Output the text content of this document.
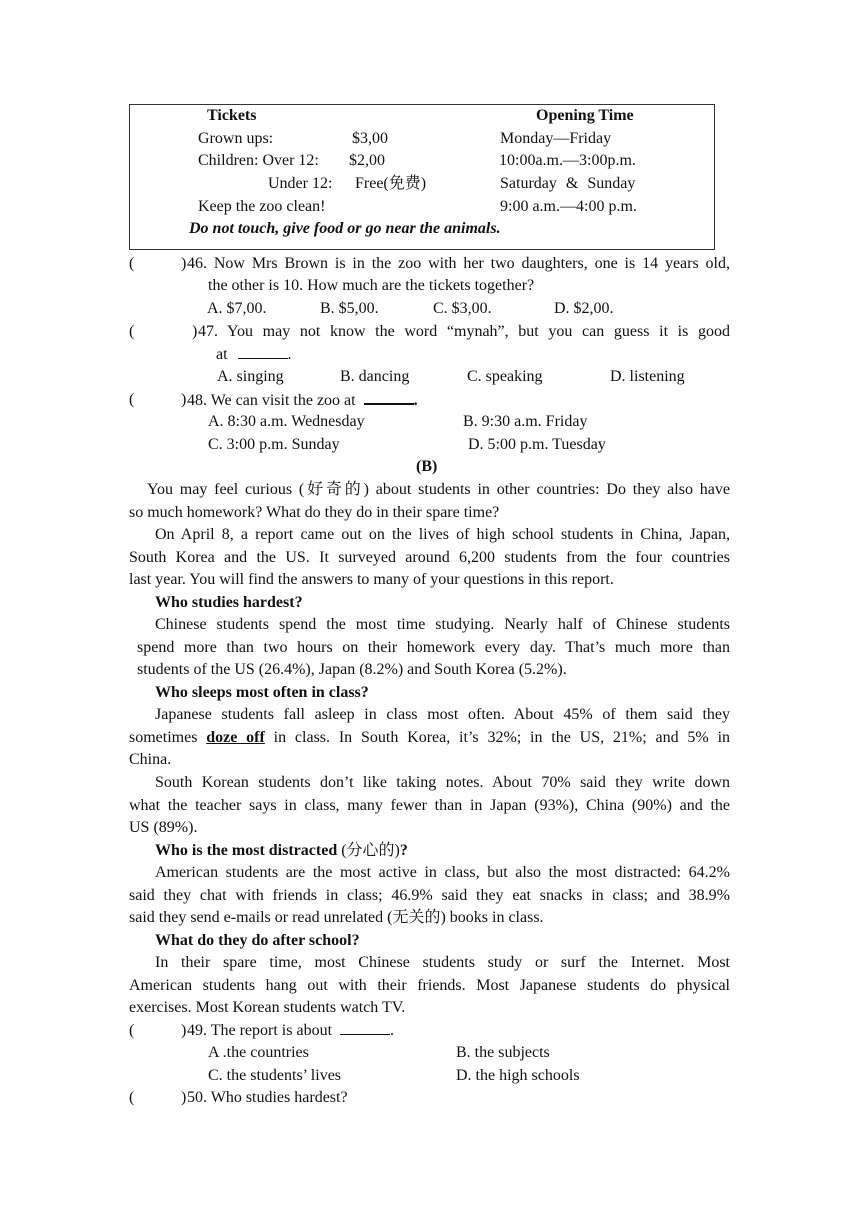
Tickets	Opening Time
Grown ups:	$3,00	Monday—Friday
Children: Over 12: $2,00	10:00a.m.—3:00p.m.
Under 12: Free(免费)	Saturday & Sunday
Keep the zoo clean!	9:00 a.m.—4:00 p.m.
Do not touch, give food or go near the animals.
(	) 46. Now Mrs Brown is in the zoo with her two daughters, one is 14 years old,
the other is 10. How much are the tickets together?
A. $7,00.	B. $5,00.	C. $3,00.	D. $2,00.
(	) 47. You may not know the word “mynah”, but you can guess it is good
at	.
A. singing	B. dancing	C. speaking	D. listening
(	) 48. We can visit the zoo at	.
A. 8:30 a.m. Wednesday	B. 9:30 a.m. Friday
C. 3:00 p.m. Sunday	D. 5:00 p.m. Tuesday
(B)
You may feel curious (好奇的) about students in other countries: Do they also have
so much homework? What do they do in their spare time?
On April 8, a report came out on the lives of high school students in China, Japan,
South Korea and the US. It surveyed around 6,200 students from the four countries
last year. You will find the answers to many of your questions in this report.
Who studies hardest?
Chinese students spend the most time studying. Nearly half of Chinese students
spend more than two hours on their homework every day. That’s much more than
students of the US (26.4%), Japan (8.2%) and South Korea (5.2%).
Who sleeps most often in class?
Japanese students fall asleep in class most often. About 45% of them said they
sometimes doze off in class. In South Korea, it’s 32%; in the US, 21%; and 5% in
China.
South Korean students don’t like taking notes. About 70% said they write down
what the teacher says in class, many fewer than in Japan (93%), China (90%) and the
US (89%).
Who is the most distracted (分心的)?
American students are the most active in class, but also the most distracted: 64.2%
said they chat with friends in class; 46.9% said they eat snacks in class; and 38.9%
said they send e-mails or read unrelated (无关的) books in class.
What do they do after school?
In their spare time, most Chinese students study or surf the Internet. Most
American students hang out with their friends. Most Japanese students do physical
exercises. Most Korean students watch TV.
(	) 49. The report is about	.
A .the countries	B. the subjects
C. the students’ lives	D. the high schools
(	) 50. Who studies hardest?
